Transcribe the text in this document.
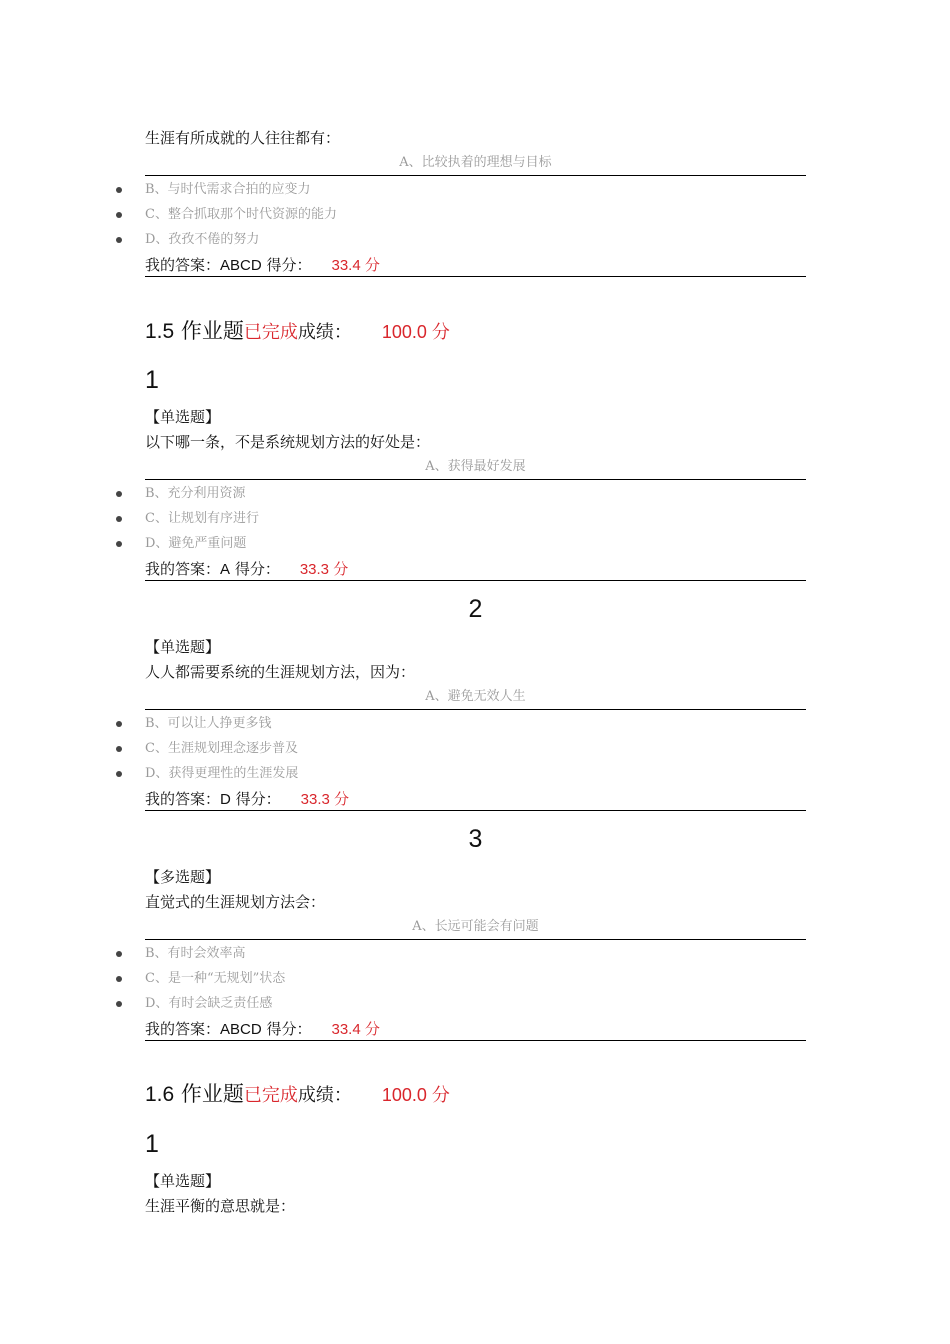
生涯有所成就的人往往都有：
A、比较执着的理想与目标
B、与时代需求合拍的应变力
C、整合抓取那个时代资源的能力
D、孜孜不倦的努力
我的答案：ABCD 得分： 33.4 分
1.5 作业题已完成成绩： 100.0 分
1
【单选题】
以下哪一条，不是系统规划方法的好处是：
A、获得最好发展
B、充分利用资源
C、让规划有序进行
D、避免严重问题
我的答案：A 得分： 33.3 分
2
【单选题】
人人都需要系统的生涯规划方法，因为：
A、避免无效人生
B、可以让人挣更多钱
C、生涯规划理念逐步普及
D、获得更理性的生涯发展
我的答案：D 得分： 33.3 分
3
【多选题】
直觉式的生涯规划方法会：
A、长远可能会有问题
B、有时会效率高
C、是一种“无规划”状态
D、有时会缺乏责任感
我的答案：ABCD 得分： 33.4 分
1.6 作业题已完成成绩： 100.0 分
1
【单选题】
生涯平衡的意思就是：
